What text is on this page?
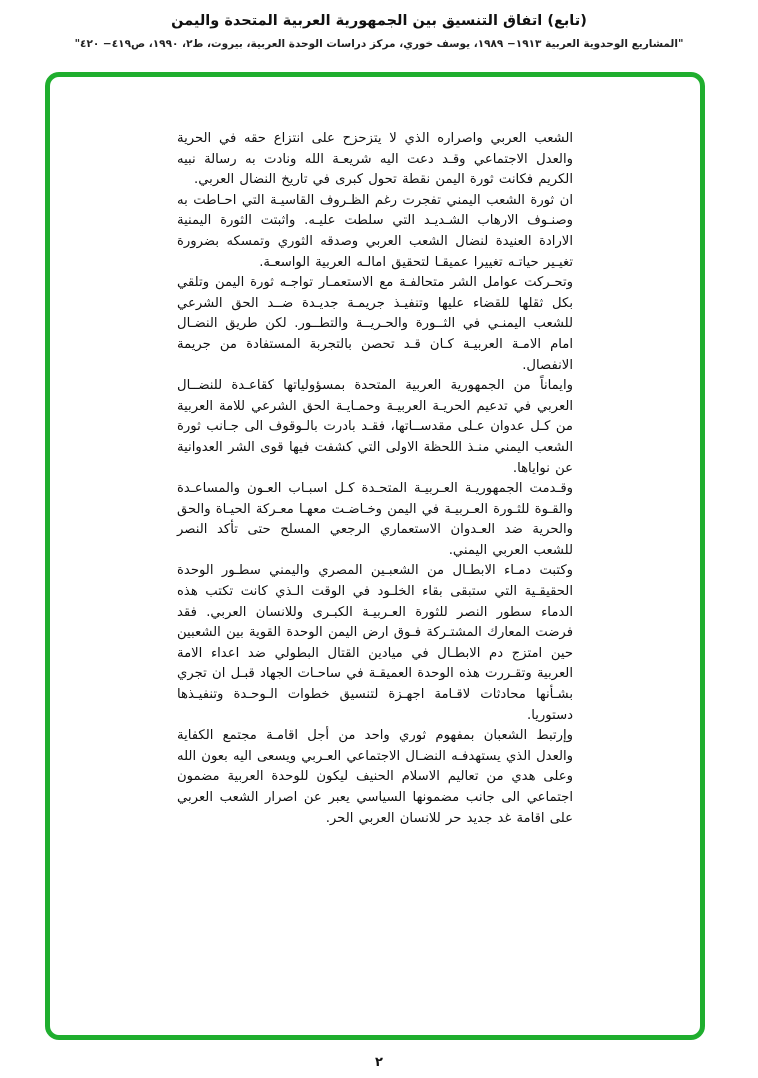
(تابع) اتفاق التنسيق بين الجمهورية العربية المتحدة واليمن
"المشاريع الوحدوية العربية ١٩١٣− ١٩٨٩، يوسف خوري، مركز دراسات الوحدة العربية، بيروت، ط٢، ١٩٩٠، ص٤١٩− ٤٢٠"

الشعب العربي واصراره الذي لا يتزحزح على انتزاع حقه في الحرية والعدل الاجتماعي وقـد دعت اليه شريعـة الله ونادت به رسالة نبيه الكريم فكانت ثورة اليمن نقطة تحول كبرى في تاريخ النضال العربي.

ان ثورة الشعب اليمني تفجرت رغم الظـروف القاسيـة التي احـاطت به وصنـوف الارهاب الشـديـد التي سلطت عليـه. واثبتت الثورة اليمنية الارادة العنيدة لنضال الشعب العربي وصدقه الثوري وتمسكه بضرورة تغيـير حياتـه تغييرا عميقـا لتحقيق امالـه العربية الواسعـة.

وتحـركت عوامل الشر متحالفـة مع الاستعمـار تواجـه ثورة اليمن وتلقي بكل ثقلها للقضاء عليها وتنفيـذ جريمـة جديـدة ضــد الحق الشرعي للشعب اليمنـي في الثــورة والحـريــة والتطــور. لكن طريق النضـال امام الامـة العربيـة كـان قـد تحصن بالتجربة المستفادة من جريمة الانفصال.

وايماناً من الجمهورية العربية المتحدة بمسؤولياتها كقاعـدة للنضــال العربي في تدعيم الحريـة العربيـة وحمـايـة الحق الشرعي للامة العربية من كـل عدوان عـلى مقدســاتها، فقـد بادرت بالـوقوف الى جـانب ثورة الشعب اليمني منـذ اللحظة الاولى التي كشفت فيها قوى الشر العدوانية عن نواياها.

وقـدمت الجمهوريـة العـربيـة المتحـدة كـل اسبـاب العـون والمساعـدة والقـوة للثـورة العـربيـة في اليمن وخـاضـت معهـا معـركة الحيـاة والحق والحرية ضد العـدوان الاستعماري الرجعي المسلح حتى تأكد النصر للشعب العربي اليمني.

وكتبت دمـاء الابطـال من الشعبـين المصري واليمني سطـور الوحدة الحقيقـية التي ستبقى بقاء الخلـود في الوقت الـذي كانت تكتب هذه الدماء سطور النصر للثورة العـربيـة الكبـرى وللانسان العربي. فقد فرضت المعارك المشتـركة فـوق ارض اليمن الوحدة القوية بين الشعبين حين امتزج دم الابطـال في ميادين القتال البطولي ضد اعداء الامة العربية وتقـررت هذه الوحدة العميقـة في ساحـات الجهاد قبـل ان تجري بشـأنها محادثات لاقـامة اجهـزة لتنسيق خطوات الـوحـدة وتنفيـذها دستوريا.

وإرتبط الشعبان بمفهوم ثوري واحد من أجل اقامـة مجتمع الكفاية والعدل الذي يستهدفـه النضـال الاجتماعي العـربي ويسعى اليه بعون الله وعلى هدي من تعاليم الاسلام الحنيف ليكون للوحدة العربية مضمون اجتماعي الى جانب مضمونها السياسي يعبر عن اصرار الشعب العربي على اقامة غد جديد حر للانسان العربي الحر.

٢
